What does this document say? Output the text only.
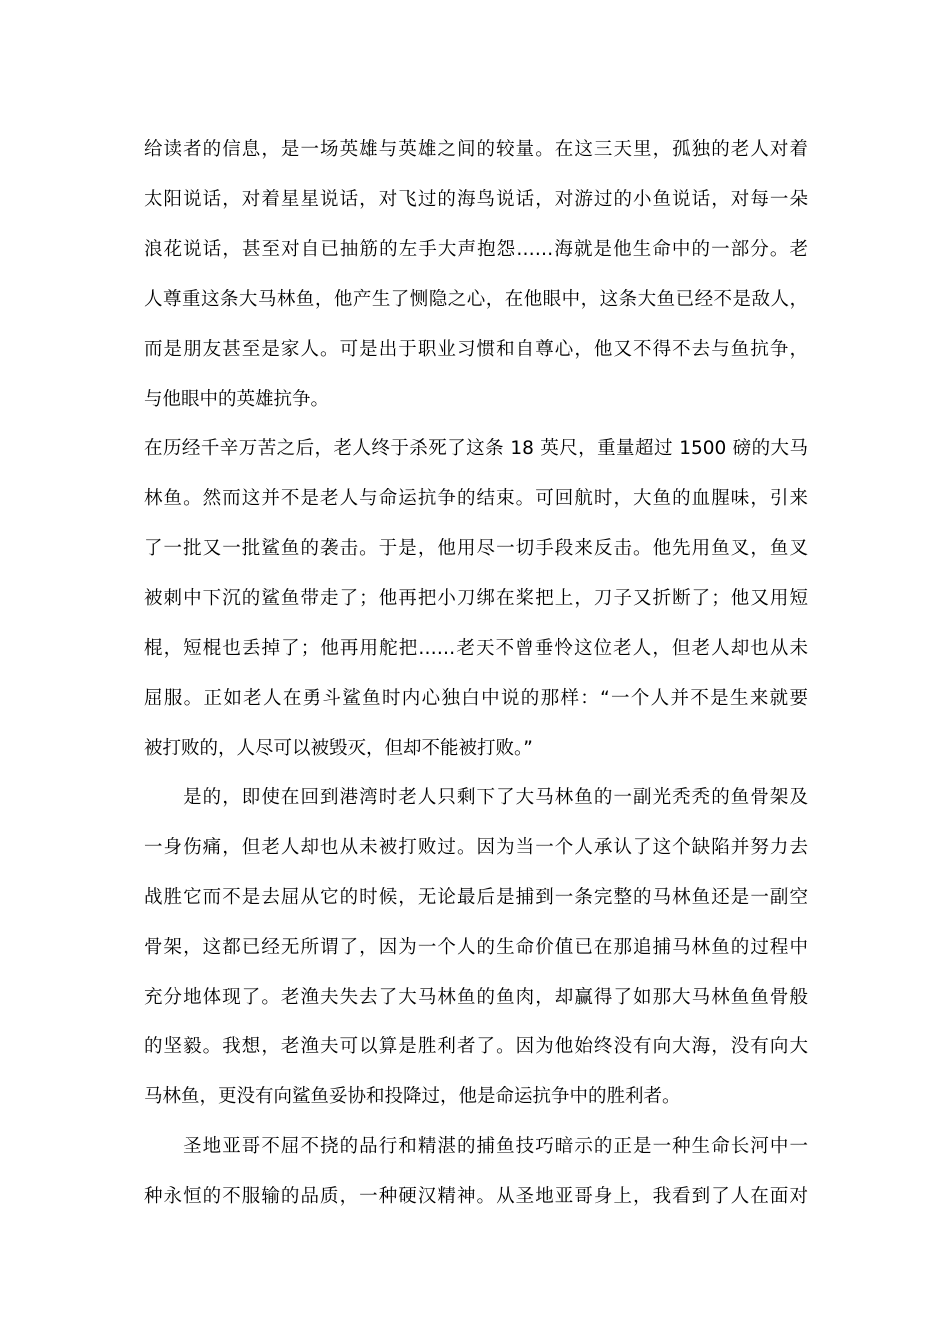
给读者的信息，是一场英雄与英雄之间的较量。在这三天里，孤独的老人对着
太阳说话，对着星星说话，对飞过的海鸟说话，对游过的小鱼说话，对每一朵
浪花说话，甚至对自已抽筋的左手大声抱怨……海就是他生命中的一部分。老
人尊重这条大马林鱼，他产生了恻隐之心，在他眼中，这条大鱼已经不是敌人，
而是朋友甚至是家人。可是出于职业习惯和自尊心，他又不得不去与鱼抗争，
与他眼中的英雄抗争。
在历经千辛万苦之后，老人终于杀死了这条 18 英尺，重量超过 1500 磅的大马
林鱼。然而这并不是老人与命运抗争的结束。可回航时，大鱼的血腥味，引来
了一批又一批鲨鱼的袭击。于是，他用尽一切手段来反击。他先用鱼叉，鱼叉
被刺中下沉的鲨鱼带走了；他再把小刀绑在桨把上，刀子又折断了；他又用短
棍，短棍也丢掉了；他再用舵把……老天不曾垂怜这位老人，但老人却也从未
屈服。正如老人在勇斗鲨鱼时内心独白中说的那样：“一个人并不是生来就要
被打败的，人尽可以被毁灭，但却不能被打败。”
　　是的，即使在回到港湾时老人只剩下了大马林鱼的一副光秃秃的鱼骨架及
一身伤痛，但老人却也从未被打败过。因为当一个人承认了这个缺陷并努力去
战胜它而不是去屈从它的时候，无论最后是捕到一条完整的马林鱼还是一副空
骨架，这都已经无所谓了，因为一个人的生命价值已在那追捕马林鱼的过程中
充分地体现了。老渔夫失去了大马林鱼的鱼肉，却赢得了如那大马林鱼鱼骨般
的坚毅。我想，老渔夫可以算是胜利者了。因为他始终没有向大海，没有向大
马林鱼，更没有向鲨鱼妥协和投降过，他是命运抗争中的胜利者。
　　圣地亚哥不屈不挠的品行和精湛的捕鱼技巧暗示的正是一种生命长河中一
种永恒的不服输的品质，一种硬汉精神。从圣地亚哥身上，我看到了人在面对
